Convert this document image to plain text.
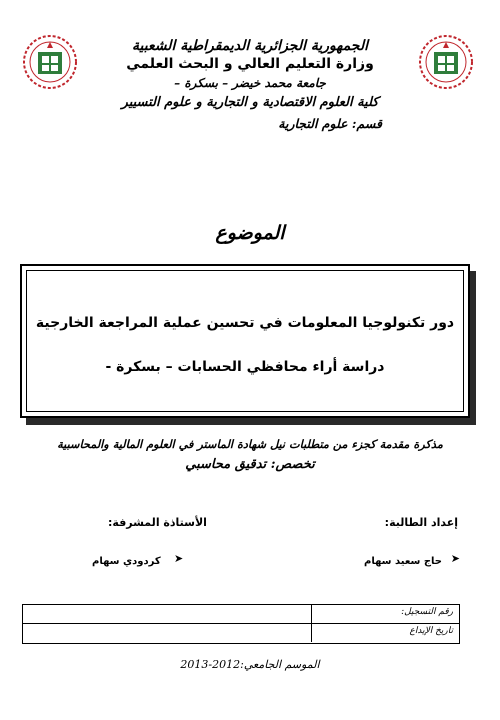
الجمهورية الجزائرية الديمقراطية الشعبية
وزارة التعليم العالي و البحث العلمي
جامعة محمد خيضر – بسكرة –
كلية العلوم الاقتصادية و التجارية و علوم التسيير
قسم: علوم التجارية
الموضوع
دور تكنولوجيا المعلومات في تحسين عملية المراجعة الخارجية
دراسة أراء محافظي الحسابات – بسكرة -
مذكرة مقدمة كجزء من متطلبات نيل شهادة الماستر في العلوم المالية والمحاسبية
تخصص: تدقيق محاسبي
إعداد الطالبة:
الأستاذة المشرفة:
➤
حاج سعيد سهام
➤
كردودي سهام
رقم التسجيل:
تاريخ الإيداع
الموسم الجامعي:2012-2013
